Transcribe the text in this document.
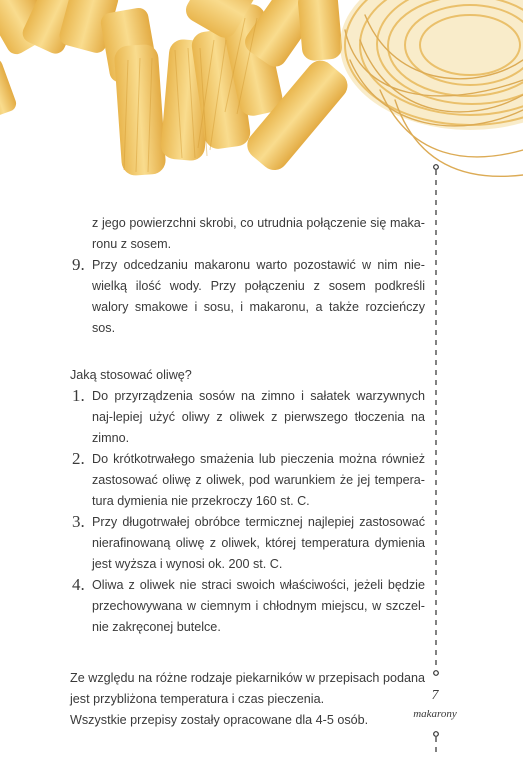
z jego powierzchni skrobi, co utrudnia połączenie się maka-ronu z sosem.

9. Przy odcedzaniu makaronu warto pozostawić w nim nie-wielką ilość wody. Przy połączeniu z sosem podkreśli walory smakowe i sosu, i makaronu, a także rozcieńczy sos.

Jaką stosować oliwę?

1. Do przyrządzenia sosów na zimno i sałatek warzywnych naj-lepiej użyć oliwy z oliwek z pierwszego tłoczenia na zimno.

2. Do krótkotrwałego smażenia lub pieczenia można również zastosować oliwę z oliwek, pod warunkiem że jej tempera-tura dymienia nie przekroczy 160 st. C.

3. Przy długotrwałej obróbce termicznej najlepiej zastosować nierafinowaną oliwę z oliwek, której temperatura dymienia jest wyższa i wynosi ok. 200 st. C.

4. Oliwa z oliwek nie straci swoich właściwości, jeżeli będzie przechowywana w ciemnym i chłodnym miejscu, w szczel-nie zakręconej butelce.

Ze względu na różne rodzaje piekarników w przepisach podana jest przybliżona temperatura i czas pieczenia.

Wszystkie przepisy zostały opracowane dla 4-5 osób.

7
makarony
